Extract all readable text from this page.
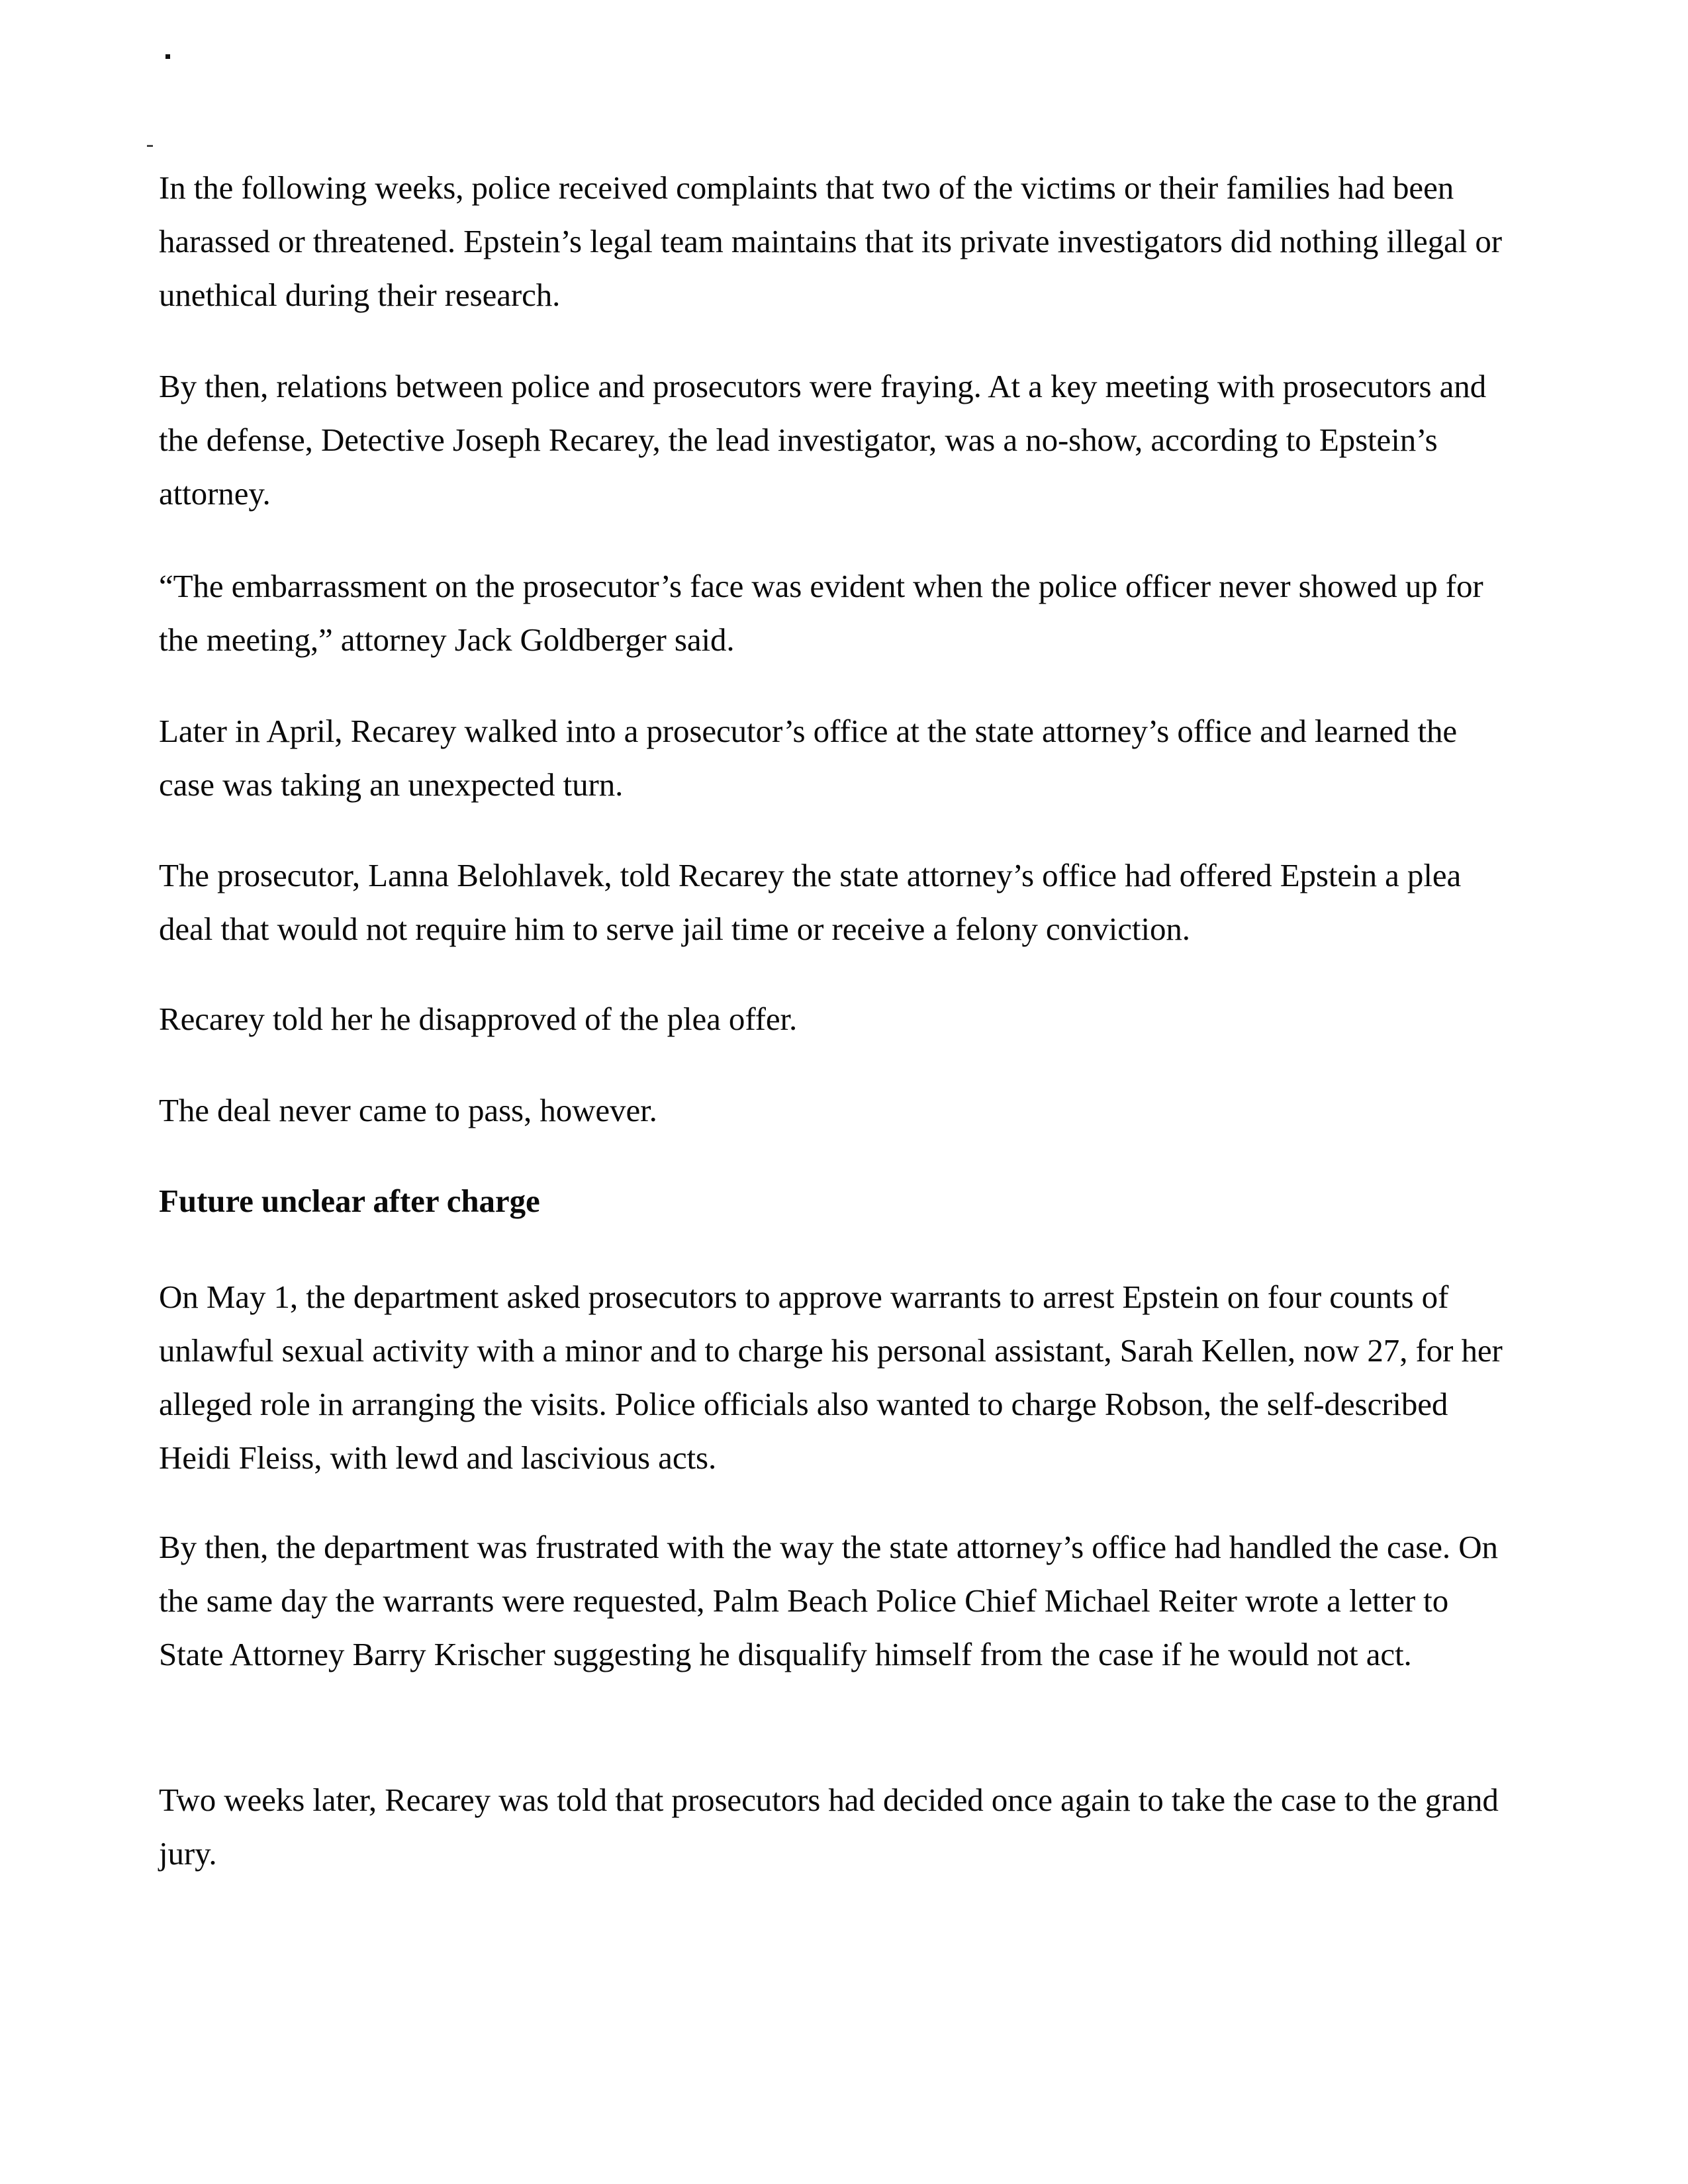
In the following weeks, police received complaints that two of the victims or their families had been harassed or threatened. Epstein’s legal team maintains that its private investigators did nothing illegal or unethical during their research.

By then, relations between police and prosecutors were fraying. At a key meeting with prosecutors and the defense, Detective Joseph Recarey, the lead investigator, was a no-show, according to Epstein’s attorney.

“The embarrassment on the prosecutor’s face was evident when the police officer never showed up for the meeting,” attorney Jack Goldberger said.

Later in April, Recarey walked into a prosecutor’s office at the state attorney’s office and learned the case was taking an unexpected turn.

The prosecutor, Lanna Belohlavek, told Recarey the state attorney’s office had offered Epstein a plea deal that would not require him to serve jail time or receive a felony conviction.

Recarey told her he disapproved of the plea offer.

The deal never came to pass, however.

Future unclear after charge

On May 1, the department asked prosecutors to approve warrants to arrest Epstein on four counts of unlawful sexual activity with a minor and to charge his personal assistant, Sarah Kellen, now 27, for her alleged role in arranging the visits. Police officials also wanted to charge Robson, the self-described Heidi Fleiss, with lewd and lascivious acts.

By then, the department was frustrated with the way the state attorney’s office had handled the case. On the same day the warrants were requested, Palm Beach Police Chief Michael Reiter wrote a letter to State Attorney Barry Krischer suggesting he disqualify himself from the case if he would not act.

Two weeks later, Recarey was told that prosecutors had decided once again to take the case to the grand jury.
